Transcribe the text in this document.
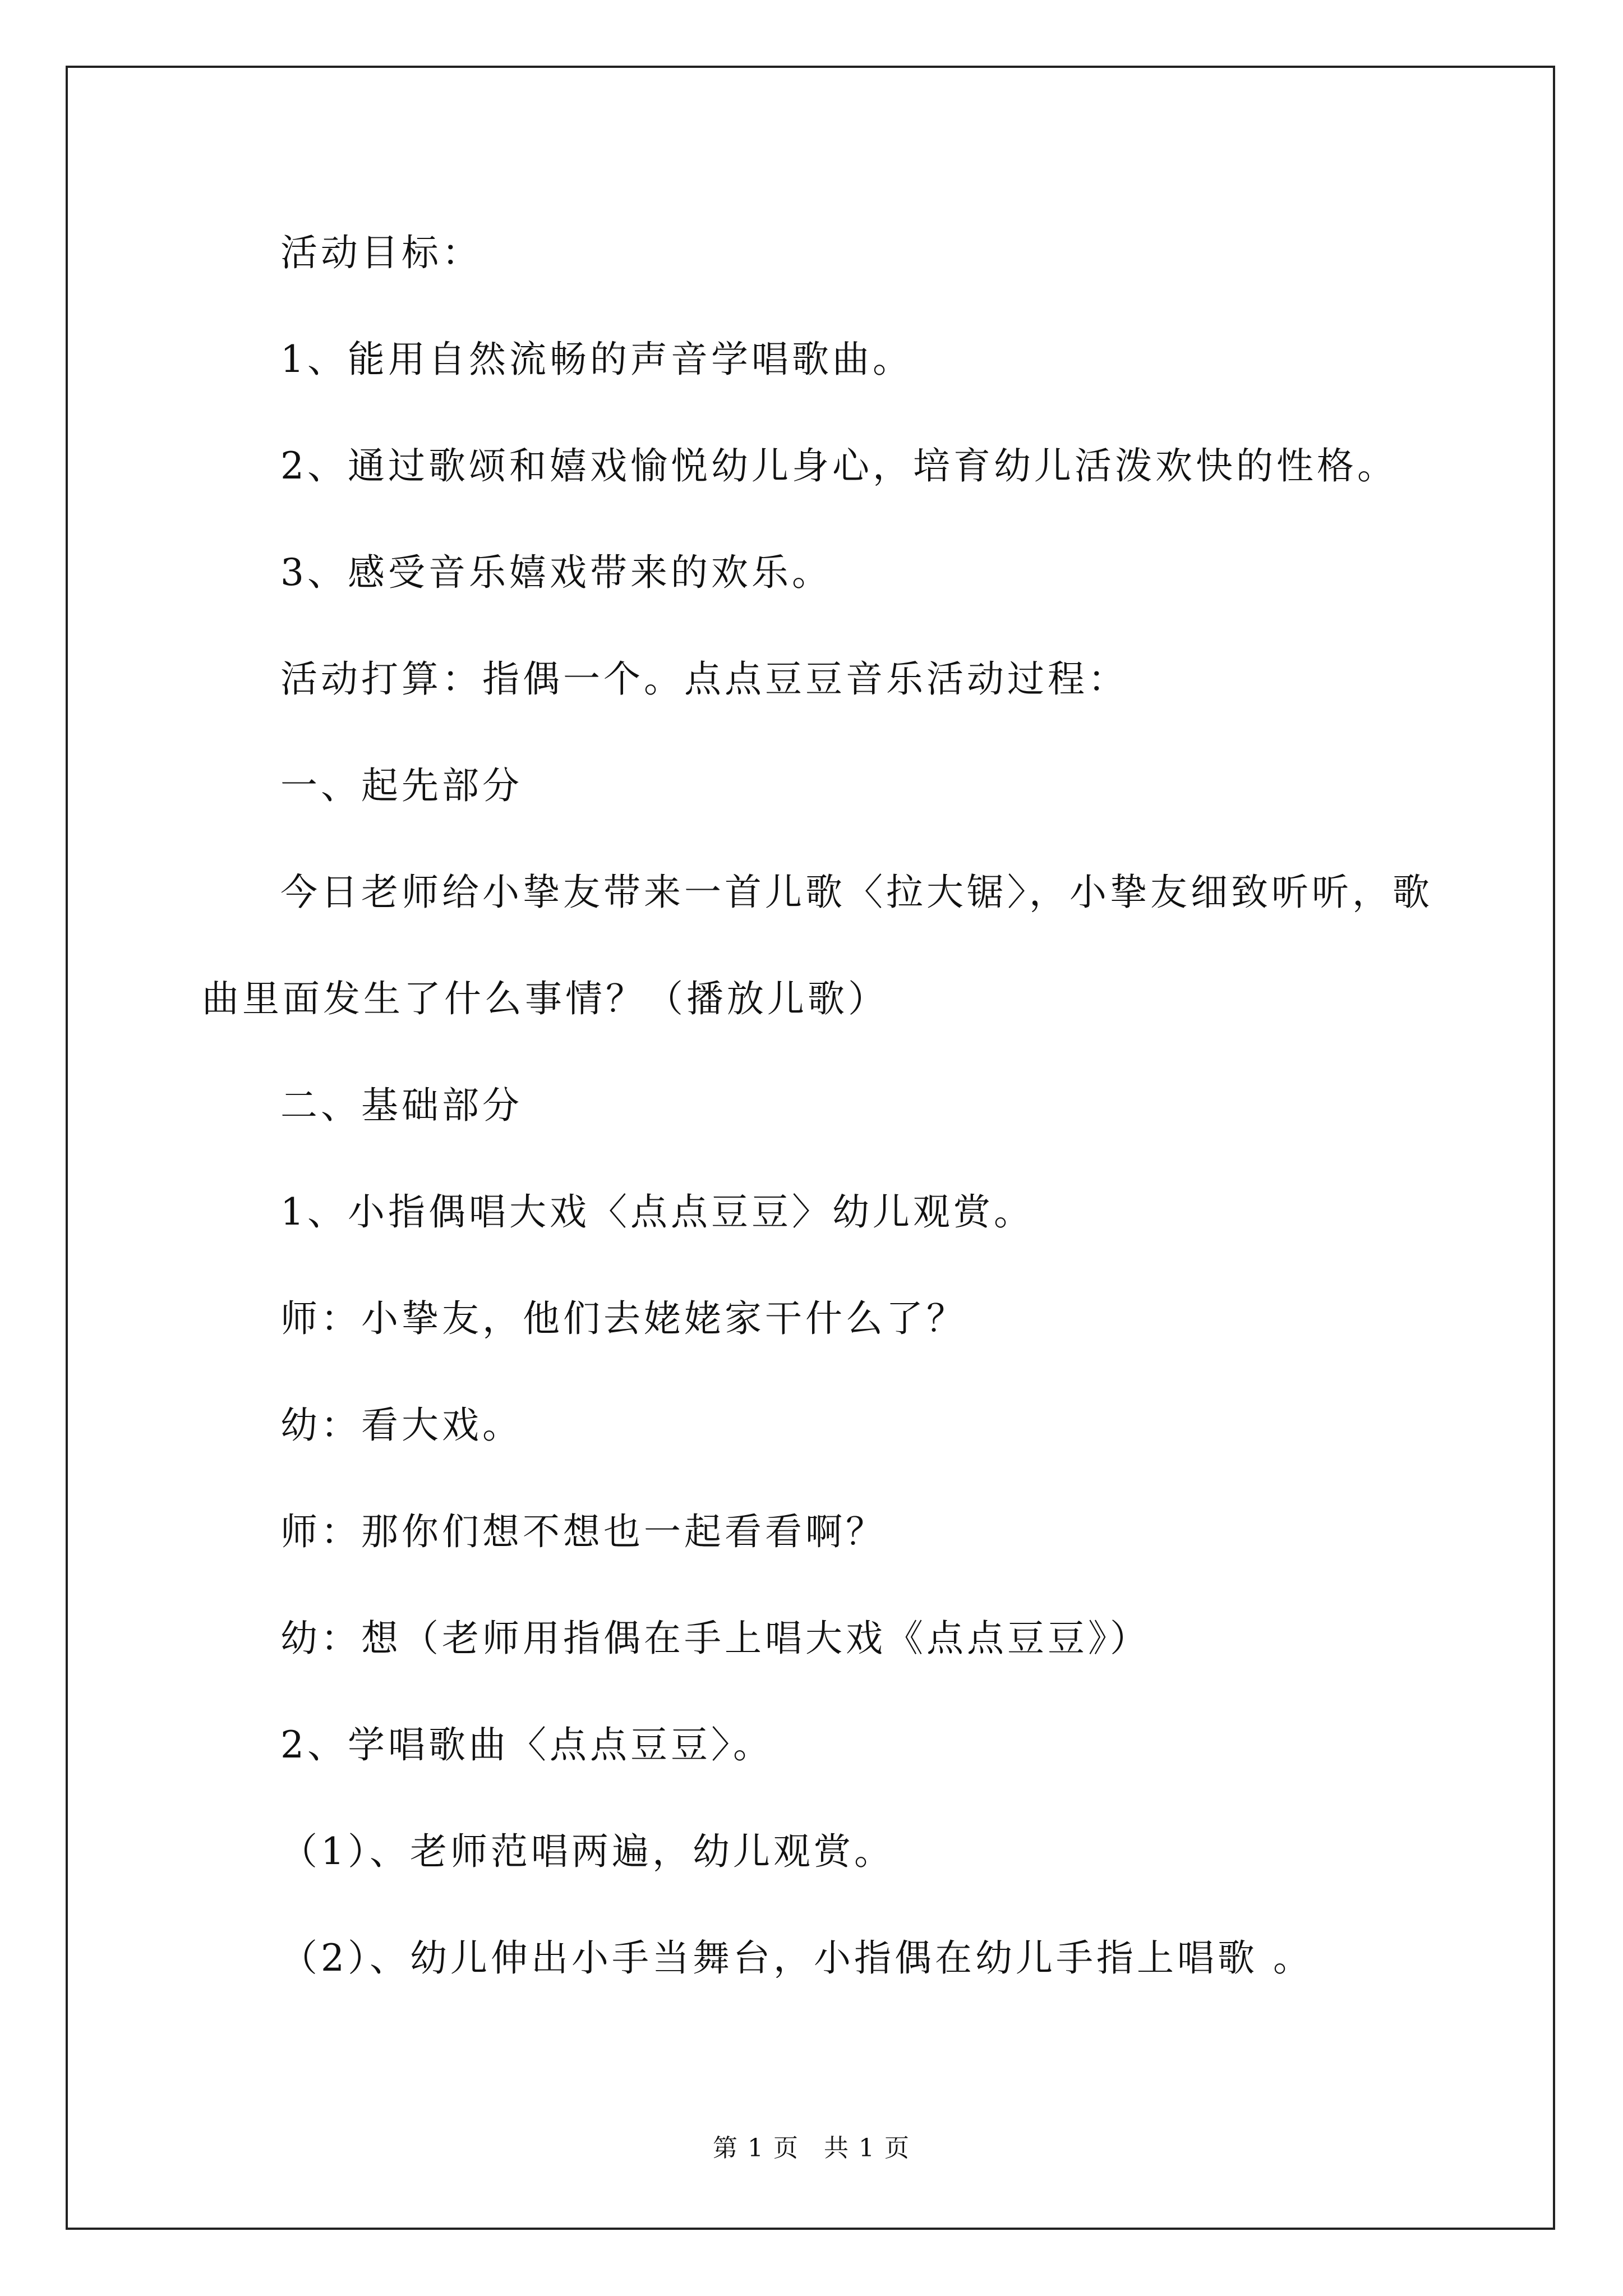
活动目标：
1、能用自然流畅的声音学唱歌曲。
2、通过歌颂和嬉戏愉悦幼儿身心，培育幼儿活泼欢快的性格。
3、感受音乐嬉戏带来的欢乐。
活动打算：指偶一个。点点豆豆音乐活动过程：
一、起先部分
今日老师给小挚友带来一首儿歌〈拉大锯〉，小挚友细致听听，歌
曲里面发生了什么事情？（播放儿歌）
二、基础部分
1、小指偶唱大戏〈点点豆豆〉幼儿观赏。
师：小挚友，他们去姥姥家干什么了？
幼：看大戏。
师：那你们想不想也一起看看啊？
幼：想（老师用指偶在手上唱大戏《点点豆豆》）
2、学唱歌曲〈点点豆豆〉。
（1）、老师范唱两遍，幼儿观赏。
（2）、幼儿伸出小手当舞台，小指偶在幼儿手指上唱歌 。
第 1 页 共 1 页
